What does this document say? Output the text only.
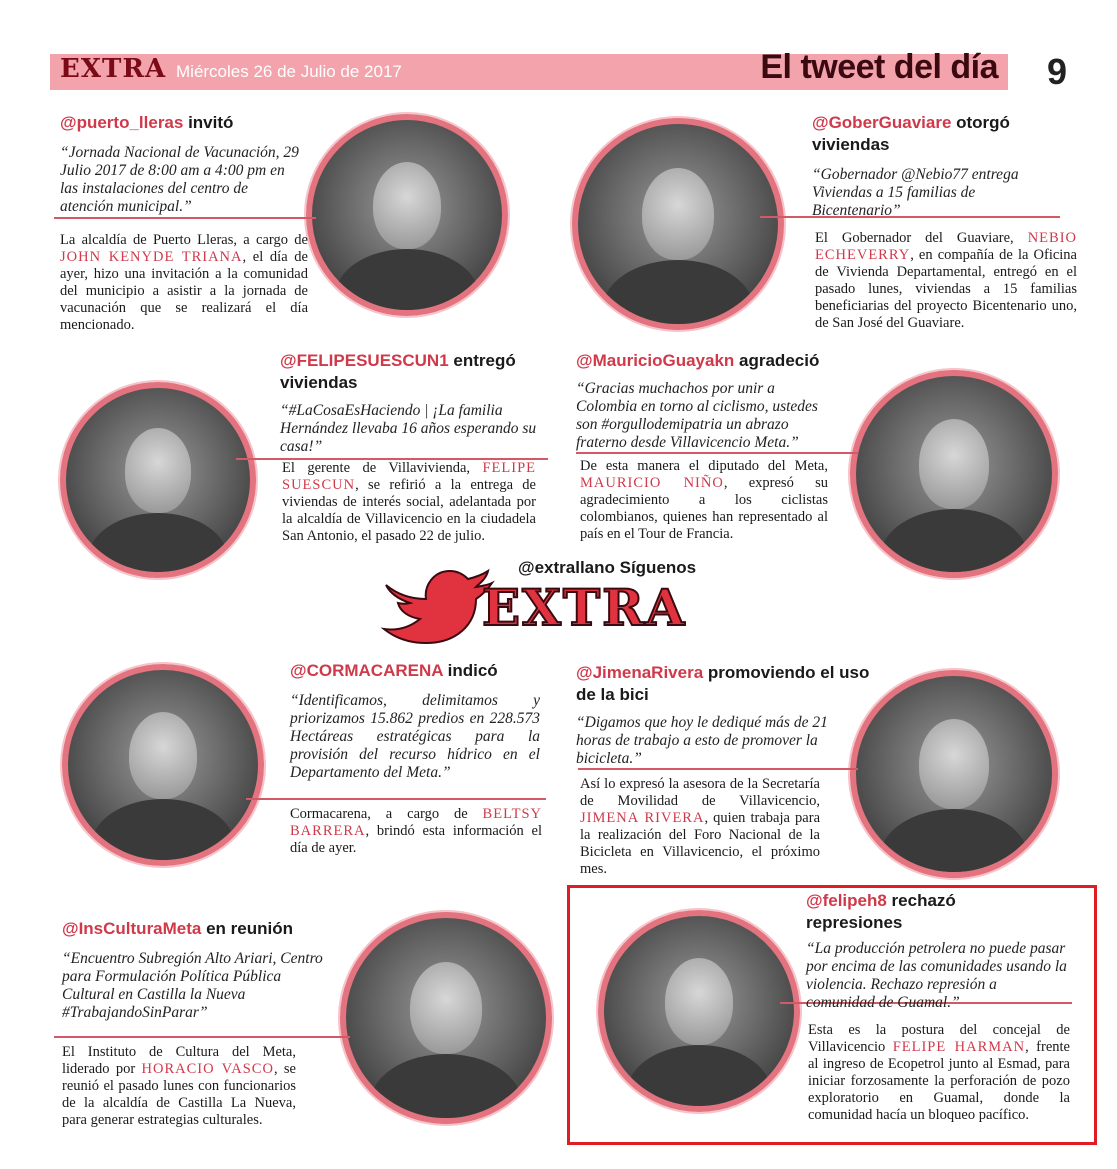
EXTRA Miércoles 26 de Julio de 2017	El tweet del día	9
@puerto_lleras invitó
“Jornada Nacional de Vacunación, 29 Julio 2017 de 8:00 am a 4:00 pm en las instalaciones del centro de atención municipal.”
La alcaldía de Puerto Lleras, a cargo de JOHN KENYDE TRIANA, el día de ayer, hizo una invitación a la comunidad del municipio a asistir a la jornada de vacunación que se realizará el día mencionado.
@GoberGuaviare otorgó viviendas
“Gobernador @Nebio77 entrega Viviendas a 15 familias de Bicentenario”
El Gobernador del Guaviare, NEBIO ECHEVERRY, en compañía de la Oficina de Vivienda Departamental, entregó en el pasado lunes, viviendas a 15 familias beneficiarias del proyecto Bicentenario uno, de San José del Guaviare.
@FELIPESUESCUN1 entregó viviendas
“#LaCosaEsHaciendo | ¡La familia Hernández llevaba 16 años esperando su casa!”
El gerente de Villavivienda, FELIPE SUESCUN, se refirió a la entrega de viviendas de interés social, adelantada por la alcaldía de Villavicencio en la ciudadela San Antonio, el pasado 22 de julio.
@MauricioGuayakn agradeció
“Gracias muchachos por unir a Colombia en torno al ciclismo, ustedes son #orgullodemipatria un abrazo fraterno desde Villavicencio Meta.”
De esta manera el diputado del Meta, MAURICIO NIÑO, expresó su agradecimiento a los ciclistas colombianos, quienes han representado al país en el Tour de Francia.
@extrallano Síguenos
EXTRA
@CORMACARENA indicó
“Identificamos, delimitamos y priorizamos 15.862 predios en 228.573 Hectáreas estratégicas para la provisión del recurso hídrico en el Departamento del Meta.”
Cormacarena, a cargo de BELTSY BARRERA, brindó esta información el día de ayer.
@JimenaRivera promoviendo el uso de la bici
“Digamos que hoy le dediqué más de 21 horas de trabajo a esto de promover la bicicleta.”
Así lo expresó la asesora de la Secretaría de Movilidad de Villavicencio, JIMENA RIVERA, quien trabaja para la realización del Foro Nacional de la Bicicleta en Villavicencio, el próximo mes.
@InsCulturaMeta en reunión
“Encuentro Subregión Alto Ariari, Centro para Formulación Política Pública Cultural en Castilla la Nueva #TrabajandoSinParar”
El Instituto de Cultura del Meta, liderado por HORACIO VASCO, se reunió el pasado lunes con funcionarios de la alcaldía de Castilla La Nueva, para generar estrategias culturales.
@felipeh8 rechazó represiones
“La producción petrolera no puede pasar por encima de las comunidades usando la violencia. Rechazo represión a comunidad de Guamal.”
Esta es la postura del concejal de Villavicencio FELIPE HARMAN, frente al ingreso de Ecopetrol junto al Esmad, para iniciar forzosamente la perforación de pozo exploratorio en Guamal, donde la comunidad hacía un bloqueo pacífico.
